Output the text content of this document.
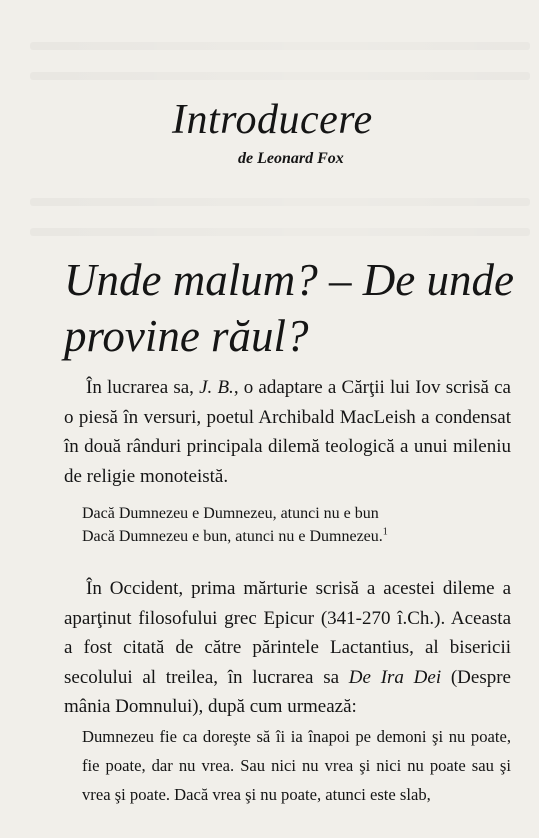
Introducere
de Leonard Fox
Unde malum? – De unde
provine răul?

În lucrarea sa, J. B., o adaptare a Cărţii lui Iov scrisă ca o piesă în versuri, poetul Archibald MacLeish a condensat în două rânduri principala dilemă teologică a unui mileniu de religie monoteistă.

Dacă Dumnezeu e Dumnezeu, atunci nu e bun
Dacă Dumnezeu e bun, atunci nu e Dumnezeu.$^1$

În Occident, prima mărturie scrisă a acestei dileme a aparţinut filosofului grec Epicur (341-270 î.Ch.). Aceasta a fost citată de către părintele Lactantius, al bisericii secolului al treilea, în lucrarea sa De Ira Dei (Despre mânia Domnului), după cum urmează:

Dumnezeu fie ca doreşte să îi ia înapoi pe demoni şi nu poate, fie poate, dar nu vrea. Sau nici nu vrea şi nici nu poate sau şi vrea şi poate. Dacă vrea şi nu poate, atunci este slab,
